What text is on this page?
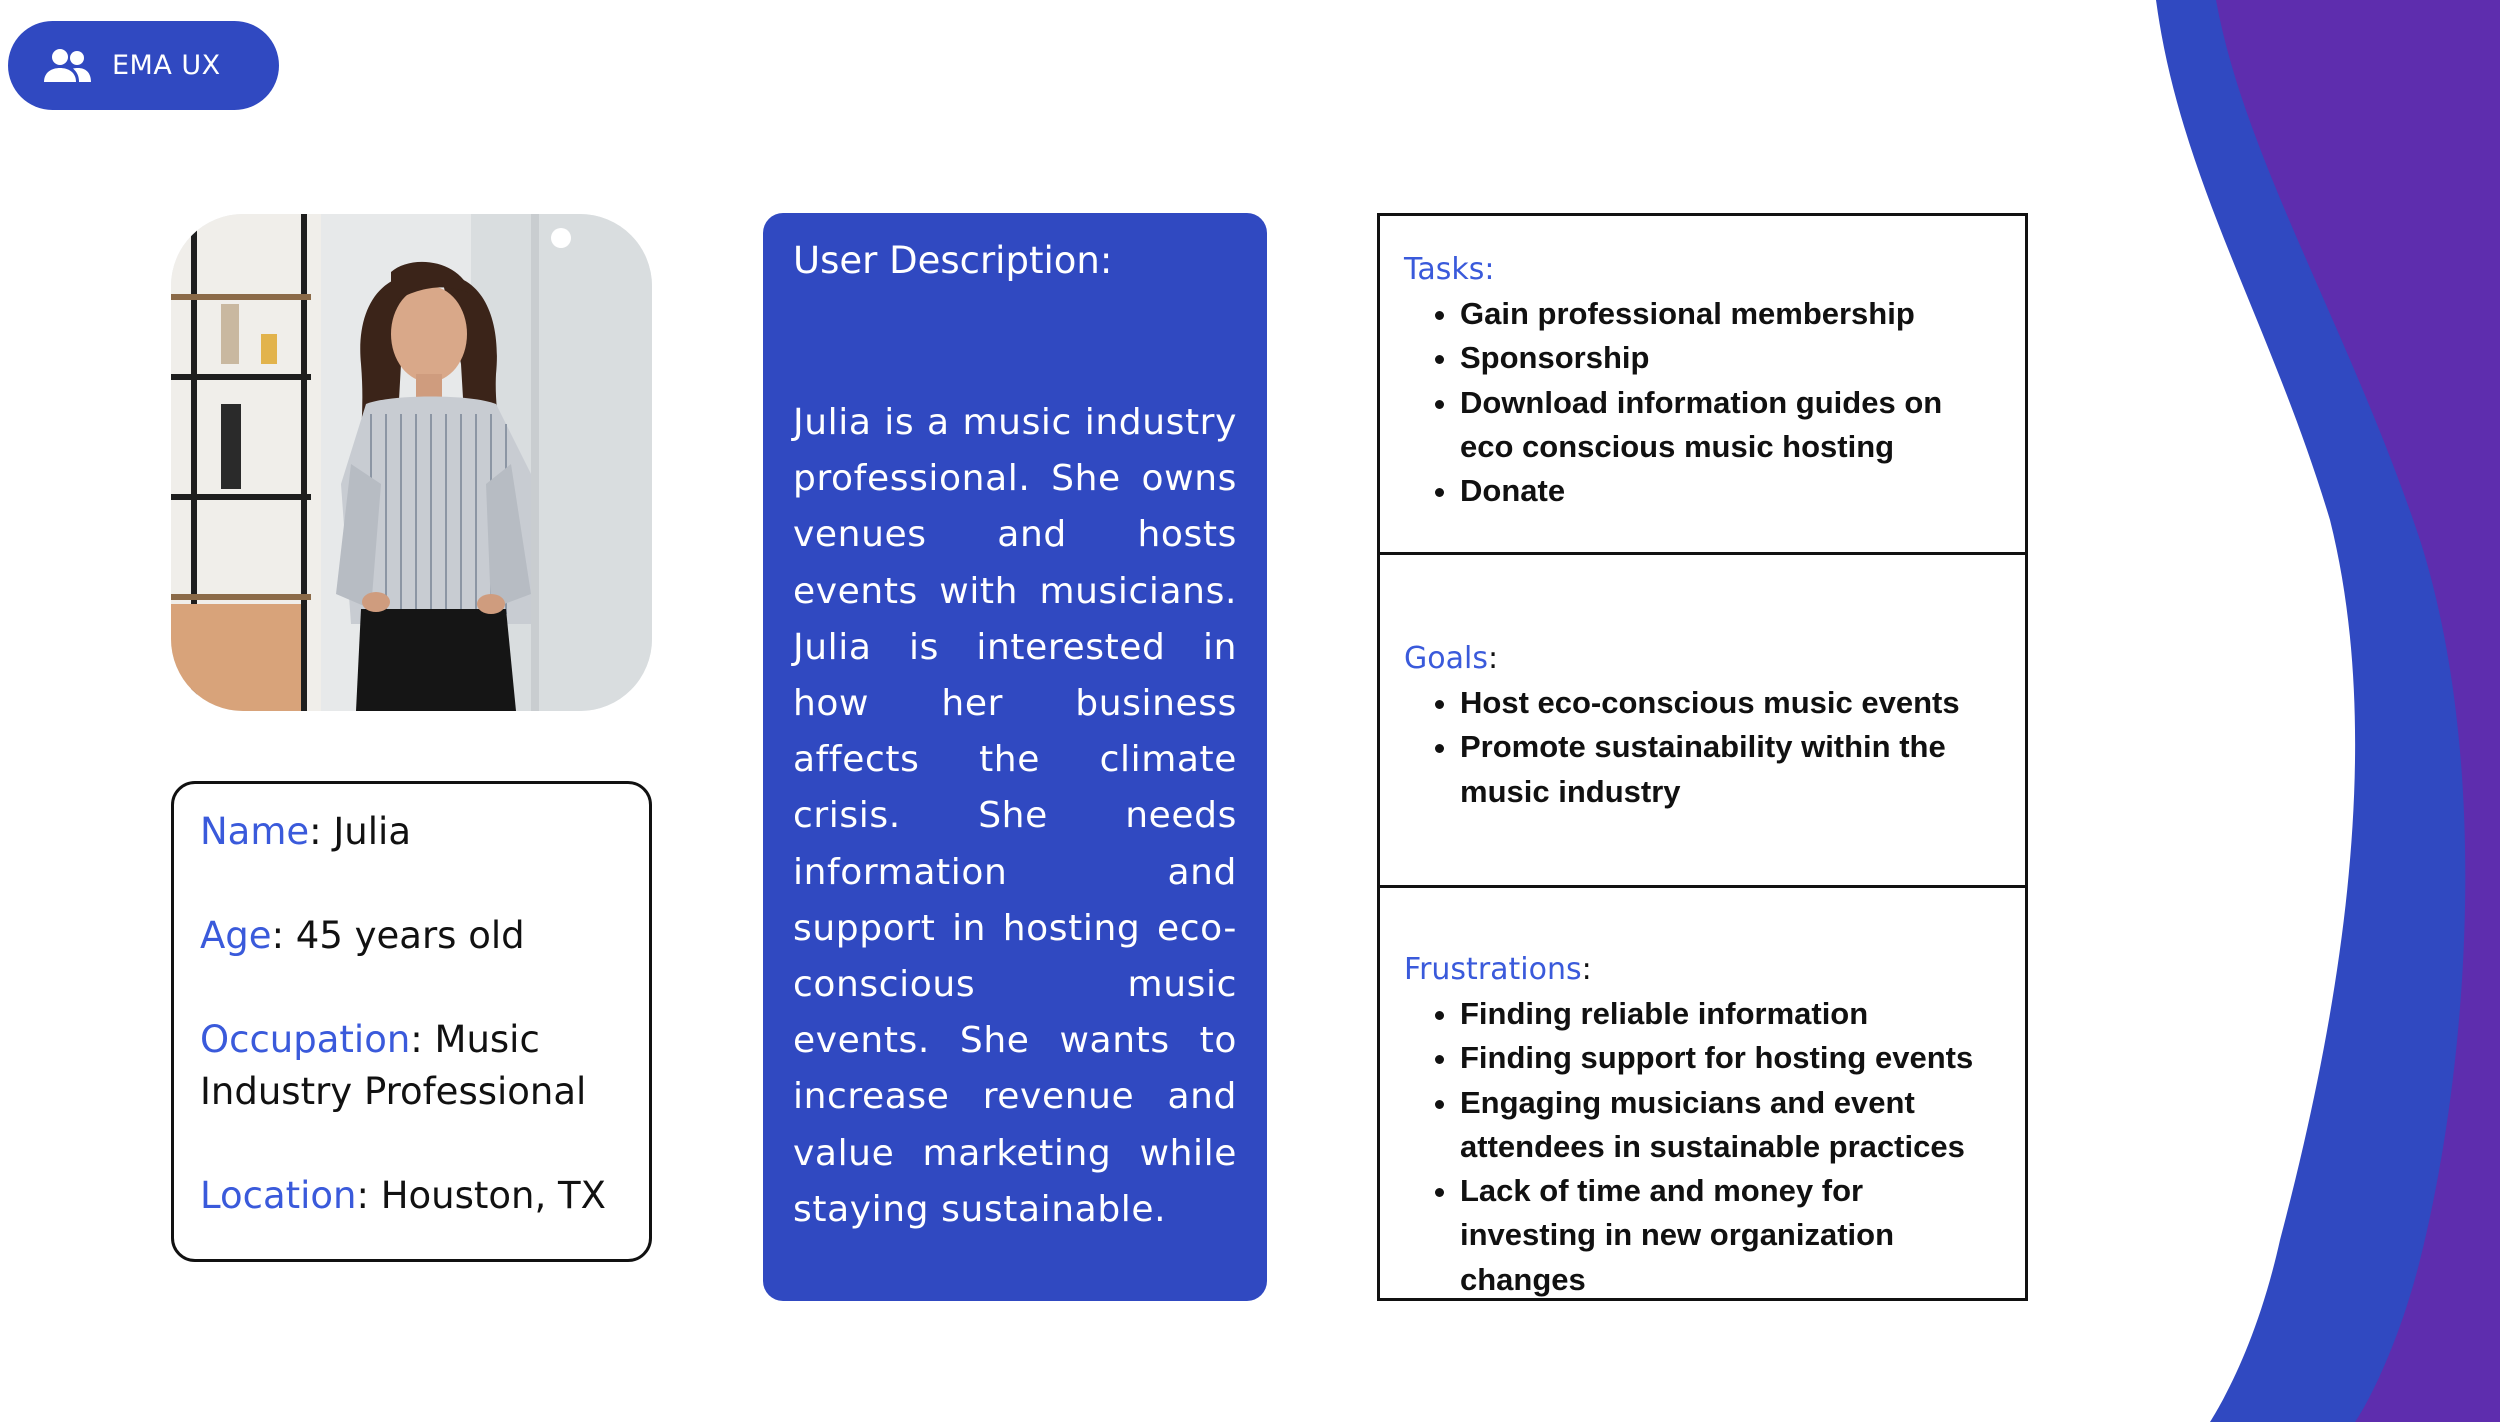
EMA UX
Name: Julia
Age: 45 years old
Occupation: Music Industry Professional
Location: Houston, TX

User Description:

Julia is a music industry professional. She owns venues and hosts events with musicians. Julia is interested in how her business affects the climate crisis. She needs information and support in hosting eco-conscious music events. She wants to increase revenue and value marketing while staying sustainable.
Tasks:
• Gain professional membership
• Sponsorship
• Download information guides on eco conscious music hosting
• Donate
Goals:
• Host eco-conscious music events
• Promote sustainability within the music industry
Frustrations:
• Finding reliable information
• Finding support for hosting events
• Engaging musicians and event attendees in sustainable practices
• Lack of time and money for investing in new organization changes
